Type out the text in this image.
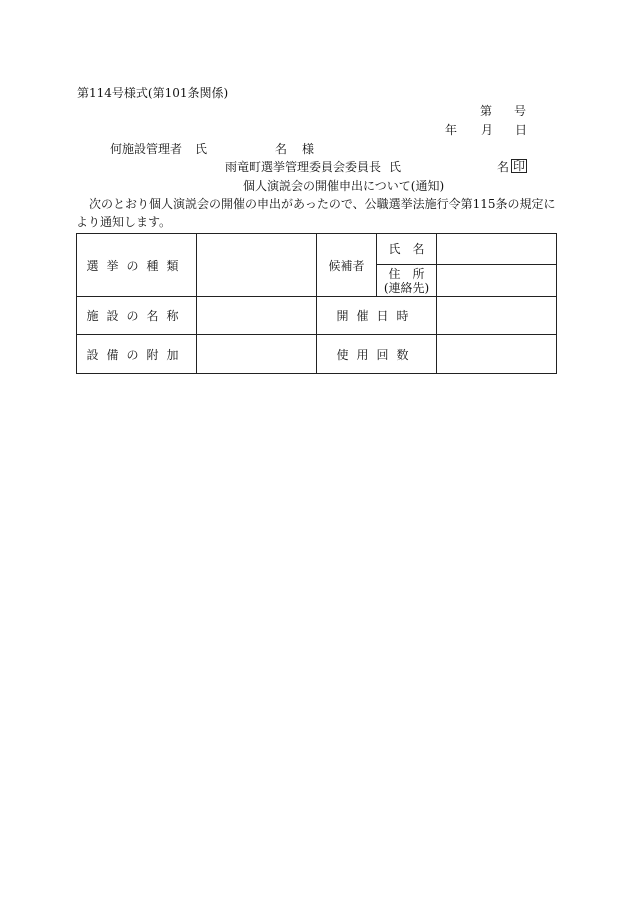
第114号様式(第101条関係)
第 号
年 月 日
何施設管理者 氏	名 様
雨竜町選挙管理委員会委員長 氏	名 印
個人演説会の開催申出について(通知)
次のとおり個人演説会の開催の申出があったので、公職選挙法施行令第115条の規定に
より通知します。
選挙の種類		候補者	氏　名	

			住　所
(連絡先)	

施設の名称		開催日時		
設備の附加		使用回数		
